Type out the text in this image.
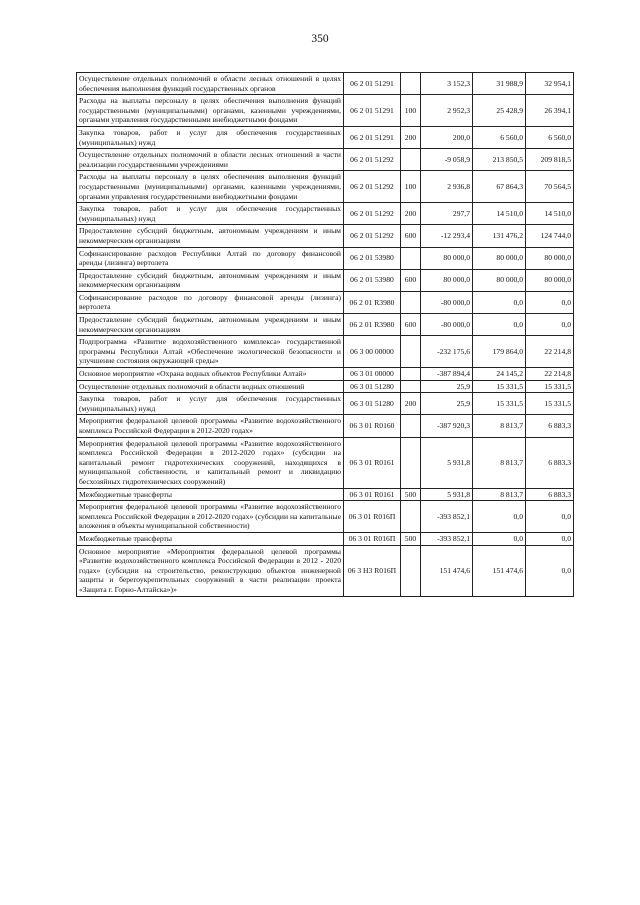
350
Осуществление отдельных полномочий в области лесных отношений в целях обеспечения выполнения функций государственных органов	06 2 01 51291		3 152,3	31 988,9	32 954,1
Расходы на выплаты персоналу в целях обеспечения выполнения функций государственными (муниципальными) органами, казенными учреждениями, органами управления государственными внебюджетными фондами	06 2 01 51291	100	2 952,3	25 428,9	26 394,1
Закупка товаров, работ и услуг для обеспечения государственных (муниципальных) нужд	06 2 01 51291	200	200,0	6 560,0	6 560,0
Осуществление отдельных полномочий в области лесных отношений в части реализации государственными учреждениями	06 2 01 51292		-9 058,9	213 850,5	209 818,5
Расходы на выплаты персоналу в целях обеспечения выполнения функций государственными (муниципальными) органами, казенными учреждениями, органами управления государственными внебюджетными фондами	06 2 01 51292	100	2 936,8	67 864,3	70 564,5
Закупка товаров, работ и услуг для обеспечения государственных (муниципальных) нужд	06 2 01 51292	200	297,7	14 510,0	14 510,0
Предоставление субсидий бюджетным, автономным учреждениям и иным некоммерческим организациям	06 2 01 51292	600	-12 293,4	131 476,2	124 744,0
Софинансирование расходов Республики Алтай по договору финансовой аренды (лизинга) вертолета	06 2 01 53980		80 000,0	80 000,0	80 000,0
Предоставление субсидий бюджетным, автономным учреждениям и иным некоммерческим организациям	06 2 01 53980	600	80 000,0	80 000,0	80 000,0
Софинансирование расходов по договору финансовой аренды (лизинга) вертолета	06 2 01 R3980		-80 000,0	0,0	0,0
Предоставление субсидий бюджетным, автономным учреждениям и иным некоммерческим организациям	06 2 01 R3980	600	-80 000,0	0,0	0,0
Подпрограмма «Развитие водохозяйственного комплекса» государственной программы Республики Алтай «Обеспечение экологической безопасности и улучшение состояния окружающей среды»	06 3 00 00000		-232 175,6	179 864,0	22 214,8
Основное мероприятие «Охрана водных объектов Республики Алтай»	06 3 01 00000		-387 894,4	24 145,2	22 214,8
Осуществление отдельных полномочий в области водных отношений	06 3 01 51280		25,9	15 331,5	15 331,5
Закупка товаров, работ и услуг для обеспечения государственных (муниципальных) нужд	06 3 01 51280	200	25,9	15 331,5	15 331,5
Мероприятия федеральной целевой программы «Развитие водохозяйственного комплекса Российской Федерации в 2012-2020 годах»	06 3 01 R0160		-387 920,3	8 813,7	6 883,3
Мероприятия федеральной целевой программы «Развитие водохозяйственного комплекса Российской Федерации в 2012-2020 годах» (субсидии на капитальный ремонт гидротехнических сооружений, находящихся в муниципальной собственности, и капитальный ремонт и ликвидацию бесхозяйных гидротехнических сооружений)	06 3 01 R0161		5 931,8	8 813,7	6 883,3
Межбюджетные трансферты	06 3 01 R0161	500	5 931,8	8 813,7	6 883,3
Мероприятия федеральной целевой программы «Развитие водохозяйственного комплекса Российской Федерации в 2012-2020 годах» (субсидии на капитальные вложения в объекты муниципальной собственности)	06 3 01 R016П		-393 852,1	0,0	0,0
Межбюджетные трансферты	06 3 01 R016П	500	-393 852,1	0,0	0,0
Основное мероприятие «Мероприятия федеральной целевой программы «Развитие водохозяйственного комплекса Российской Федерации в 2012 - 2020 годах» (субсидии на строительство, реконструкцию объектов инженерной защиты и берегоукрепительных сооружений в части реализации проекта «Защита г. Горно-Алтайска»)»	06 3 Н3 R016П		151 474,6	151 474,6	0,0
